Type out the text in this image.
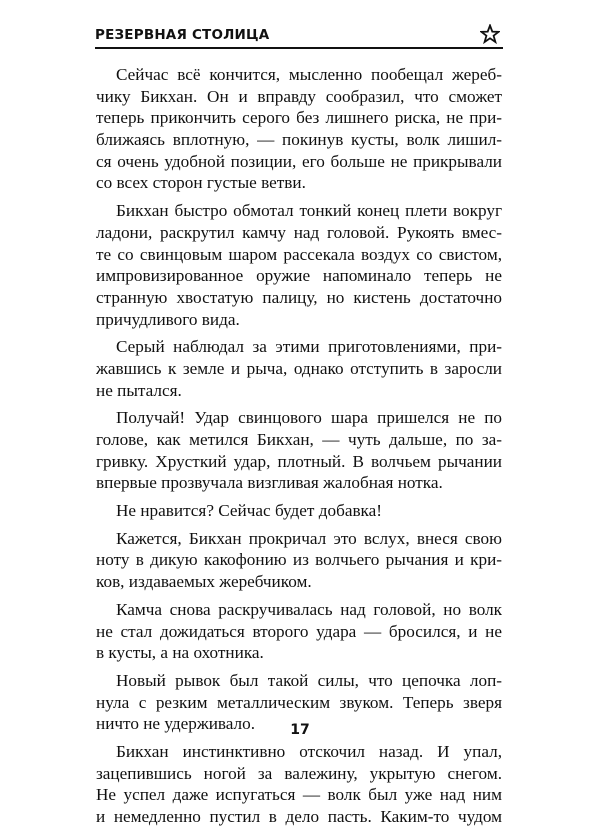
РЕЗЕРВНАЯ СТОЛИЦА
Сейчас всё кончится, мысленно пообещал жереб-
чику Бикхан. Он и вправду сообразил, что сможет
теперь прикончить серого без лишнего риска, не при-
ближаясь вплотную, — покинув кусты, волк лишил-
ся очень удобной позиции, его больше не прикрывали
со всех сторон густые ветви.
Бикхан быстро обмотал тонкий конец плети вокруг
ладони, раскрутил камчу над головой. Рукоять вмес-
те со свинцовым шаром рассекала воздух со свистом,
импровизированное оружие напоминало теперь не
странную хвостатую палицу, но кистень достаточно
причудливого вида.
Серый наблюдал за этими приготовлениями, при-
жавшись к земле и рыча, однако отступить в заросли
не пытался.
Получай! Удар свинцового шара пришелся не по
голове, как метился Бикхан, — чуть дальше, по за-
гривку. Хрусткий удар, плотный. В волчьем рычании
впервые прозвучала визгливая жалобная нотка.
Не нравится? Сейчас будет добавка!
Кажется, Бикхан прокричал это вслух, внеся свою
ноту в дикую какофонию из волчьего рычания и кри-
ков, издаваемых жеребчиком.
Камча снова раскручивалась над головой, но волк
не стал дожидаться второго удара — бросился, и не
в кусты, а на охотника.
Новый рывок был такой силы, что цепочка лоп-
нула с резким металлическим звуком. Теперь зверя
ничто не удерживало.
Бикхан инстинктивно отскочил назад. И упал,
зацепившись ногой за валежину, укрытую снегом.
Не успел даже испугаться — волк был уже над ним
и немедленно пустил в дело пасть. Каким-то чудом
17
